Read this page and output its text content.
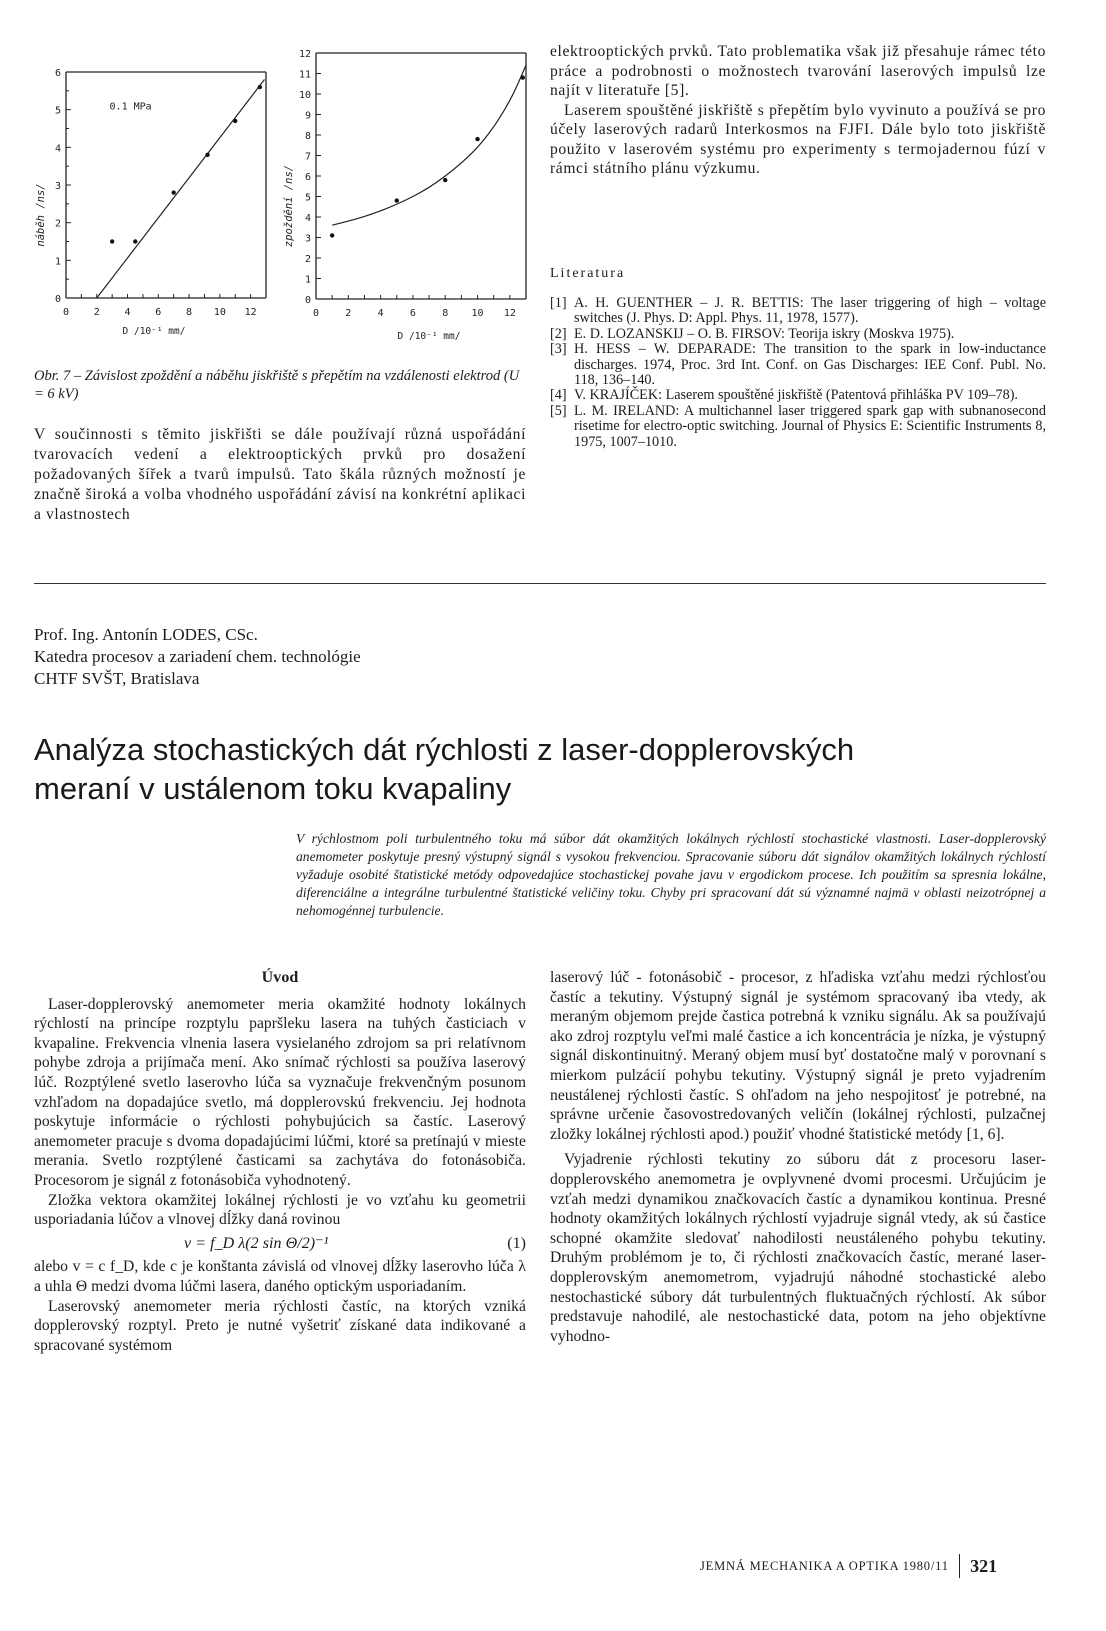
0
1
2
3
4
5
6
0 2 4 6 8 10 12
D /10⁻¹ mm/
náběh /ns/
0.1 MPa
0
1
2
3
4
5
6
7
8
9
10
11
12
0	2	4	6	8 10 12
D /10⁻¹ mm/
zpoždění /ns/
Obr. 7 – Závislost zpoždění a náběhu jiskřiště s přepětím na vzdálenosti elektrod (U = 6 kV)

V součinnosti s těmito jiskřišti se dále používají různá uspořádání tvarovacích vedení a elektrooptických prvků pro dosažení požadovaných šířek a tvarů impulsů. Tato škála různých možností je značně široká a volba vhodného uspořádání závisí na konkrétní aplikaci a vlastnostech

elektrooptických prvků. Tato problematika však již přesahuje rámec této práce a podrobnosti o možnostech tvarování laserových impulsů lze najít v literatuře [5].

Laserem spouštěné jiskřiště s přepětím bylo vyvinuto a používá se pro účely laserových radarů Interkosmos na FJFI. Dále bylo toto jiskřiště použito v laserovém systému pro experimenty s termojadernou fúzí v rámci státního plánu výzkumu.

Literatura
[1] A. H. GUENTHER – J. R. BETTIS: The laser triggering of high – voltage switches (J. Phys. D: Appl. Phys. 11, 1978, 1577).
[2] E. D. LOZANSKIJ – O. B. FIRSOV: Teorija iskry (Moskva 1975).
[3] H. HESS – W. DEPARADE: The transition to the spark in low-inductance discharges. 1974, Proc. 3rd Int. Conf. on Gas Discharges: IEE Conf. Publ. No. 118, 136–140.
[4] V. KRAJÍČEK: Laserem spouštěné jiskřiště (Patentová přihláška PV 109–78).
[5] L. M. IRELAND: A multichannel laser triggered spark gap with subnanosecond risetime for electro-optic switching. Journal of Physics E: Scientific Instruments 8, 1975, 1007–1010.
Prof. Ing. Antonín LODES, CSc.
Katedra procesov a zariadení chem. technológie
CHTF SVŠT, Bratislava
Analýza stochastických dát rýchlosti z laser-dopplerovských
meraní v ustálenom toku kvapaliny
V rýchlostnom poli turbulentného toku má súbor dát okamžitých lokálnych rýchlostí stochastické vlastnosti. Laser-dopplerovský anemometer poskytuje presný výstupný signál s vysokou frekvenciou. Spracovanie súboru dát signálov okamžitých lokálnych rýchlostí vyžaduje osobité štatistické metódy odpovedajúce stochastickej povahe javu v ergodickom procese. Ich použitím sa spresnia lokálne, diferenciálne a integrálne turbulentné štatistické veličiny toku. Chyby pri spracovaní dát sú významné najmä v oblasti neizotrópnej a nehomogénnej turbulencie.
Úvod

Laser-dopplerovský anemometer meria okamžité hodnoty lokálnych rýchlostí na princípe rozptylu papršleku lasera na tuhých časticiach v kvapaline. Frekvencia vlnenia lasera vysielaného zdrojom sa pri relatívnom pohybe zdroja a prijímača mení. Ako snímač rýchlosti sa používa laserový lúč. Rozptýlené svetlo laserovho lúča sa vyznačuje frekvenčným posunom vzhľadom na dopadajúce svetlo, má dopplerovskú frekvenciu. Jej hodnota poskytuje informácie o rýchlosti pohybujúcich sa častíc. Laserový anemometer pracuje s dvoma dopadajúcimi lúčmi, ktoré sa pretínajú v mieste merania. Svetlo rozptýlené časticami sa zachytáva do fotonásobiča. Procesorom je signál z fotonásobiča vyhodnotený.

Zložka vektora okamžitej lokálnej rýchlosti je vo vzťahu ku geometrii usporiadania lúčov a vlnovej dĺžky daná rovinou

v = f_D λ(2 sin Θ/2)⁻¹	(1)

alebo v = c f_D, kde c je konštanta závislá od vlnovej dĺžky laserovho lúča λ a uhla Θ medzi dvoma lúčmi lasera, daného optickým usporiadaním.

Laserovský anemometer meria rýchlosti častíc, na ktorých vzniká dopplerovský rozptyl. Preto je nutné vyšetriť získané data indikované a spracované systémom

laserový lúč - fotonásobič - procesor, z hľadiska vzťahu medzi rýchlosťou častíc a tekutiny. Výstupný signál je systémom spracovaný iba vtedy, ak meraným objemom prejde častica potrebná k vzniku signálu. Ak sa používajú ako zdroj rozptylu veľmi malé častice a ich koncentrácia je nízka, je výstupný signál diskontinuitný. Meraný objem musí byť dostatočne malý v porovnaní s mierkom pulzácií pohybu tekutiny. Výstupný signál je preto vyjadrením neustálenej rýchlosti častíc. S ohľadom na jeho nespojitosť je potrebné, na správne určenie časovostredovaných veličín (lokálnej rýchlosti, pulzačnej zložky lokálnej rýchlosti apod.) použiť vhodné štatistické metódy [1, 6].

Vyjadrenie rýchlosti tekutiny zo súboru dát z procesoru laser-dopplerovského anemometra je ovplyvnené dvomi procesmi. Určujúcim je vzťah medzi dynamikou značkovacích častíc a dynamikou kontinua. Presné hodnoty okamžitých lokálnych rýchlostí vyjadruje signál vtedy, ak sú častice schopné okamžite sledovať nahodilosti neustáleného pohybu tekutiny. Druhým problémom je to, či rýchlosti značkovacích častíc, merané laser-dopplerovským anemometrom, vyjadrujú náhodné stochastické alebo nestochastické súbory dát turbulentných fluktuačných rýchlostí. Ak súbor predstavuje nahodilé, ale nestochastické data, potom na jeho objektívne vyhodno-

JEMNÁ MECHANIKA A OPTIKA 1980/11 321
